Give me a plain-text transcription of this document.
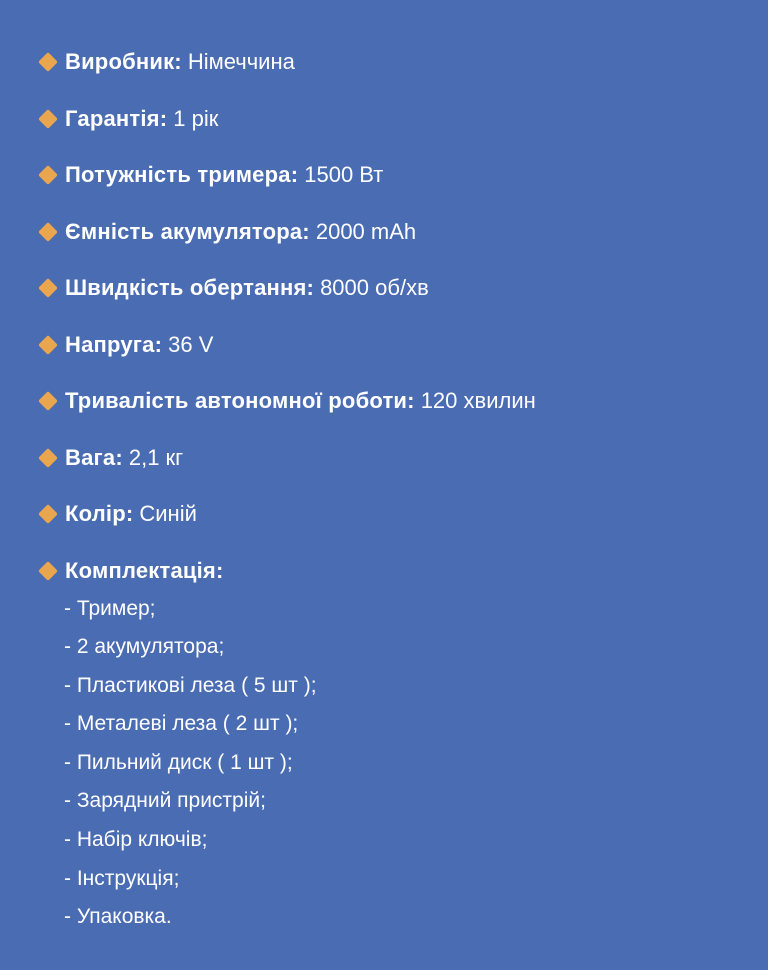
Виробник: Німеччина
Гарантія: 1 рік
Потужність тримера: 1500 Вт
Ємність акумулятора: 2000 mAh
Швидкість обертання: 8000 об/хв
Напруга: 36 V
Тривалість автономної роботи: 120 хвилин
Вага: 2,1 кг
Колір: Синій
Комплектація:
- Тример;
- 2 акумулятора;
- Пластикові леза ( 5 шт );
- Металеві леза ( 2 шт );
- Пильний диск ( 1 шт );
- Зарядний пристрій;
- Набір ключів;
- Інструкція;
- Упаковка.
